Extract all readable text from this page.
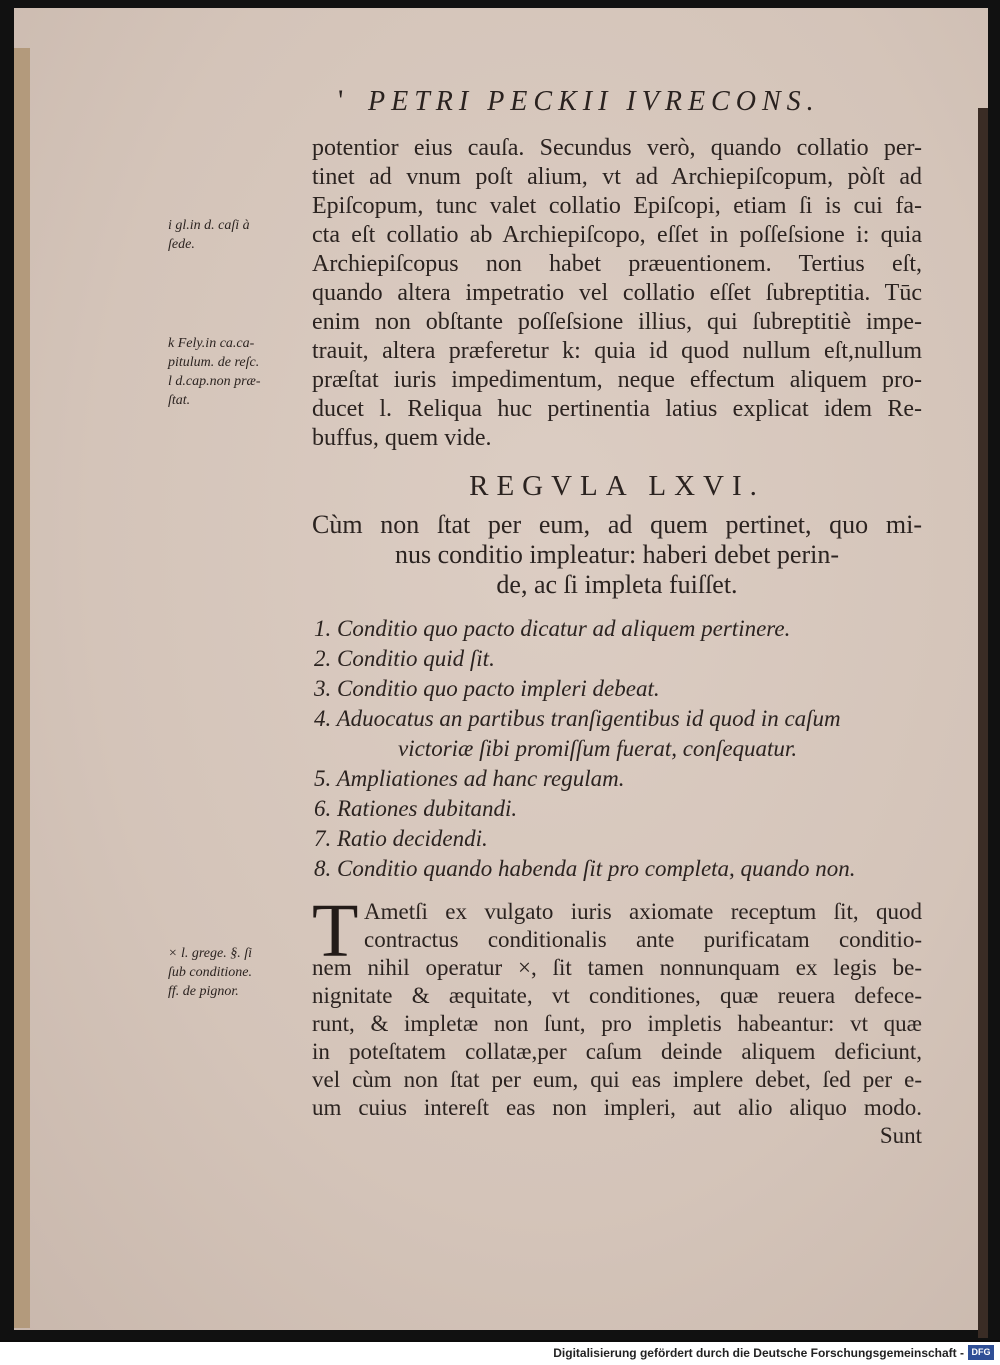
' PETRI PECKII IVRECONS.
potentior eius cauſa. Secundus verò, quando collatio per-
tinet ad vnum poſt alium, vt ad Archiepiſcopum, pòſt ad
Epiſcopum, tunc valet collatio Epiſcopi, etiam ſi is cui fa-
cta eſt collatio ab Archiepiſcopo, eſſet in poſſeſsione i: quia
Archiepiſcopus non habet præuentionem. Tertius eſt,
quando altera impetratio vel collatio eſſet ſubreptitia. Tūc
enim non obſtante poſſeſsione illius, qui ſubreptitiè impe-
trauit, altera præferetur k: quia id quod nullum eſt,nullum
præſtat iuris impedimentum, neque effectum aliquem pro-
ducet l. Reliqua huc pertinentia latius explicat idem Re-
buffus, quem vide.
i gl.in d. caſi à
ſede.
k Fely.in ca.ca-
pitulum. de reſc.
l d.cap.non præ-
ſtat.
REGVLA LXVI.
Cùm non ſtat per eum, ad quem pertinet, quo mi-
nus conditio impleatur: haberi debet perin-
de, ac ſi impleta fuiſſet.
1. Conditio quo pacto dicatur ad aliquem pertinere.
2. Conditio quid ſit.
3. Conditio quo pacto impleri debeat.
4. Aduocatus an partibus tranſigentibus id quod in caſum
victoriæ ſibi promiſſum fuerat, conſequatur.
5. Ampliationes ad hanc regulam.
6. Rationes dubitandi.
7. Ratio decidendi.
8. Conditio quando habenda ſit pro completa, quando non.
T Ametſi ex vulgato iuris axiomate receptum ſit, quod
contractus conditionalis ante purificatam conditio-
nem nihil operatur ×, ſit tamen nonnunquam ex legis be-
nignitate & æquitate, vt conditiones, quæ reuera defece-
runt, & impletæ non ſunt, pro impletis habeantur: vt quæ
in poteſtatem collatæ,per caſum deinde aliquem deficiunt,
vel cùm non ſtat per eum, qui eas implere debet, ſed per e-
um cuius intereſt eas non impleri, aut alio aliquo modo.
Sunt
× l. grege. §. ſi
ſub conditione.
ff. de pignor.
Digitalisierung gefördert durch die Deutsche Forschungsgemeinschaft - DFG
